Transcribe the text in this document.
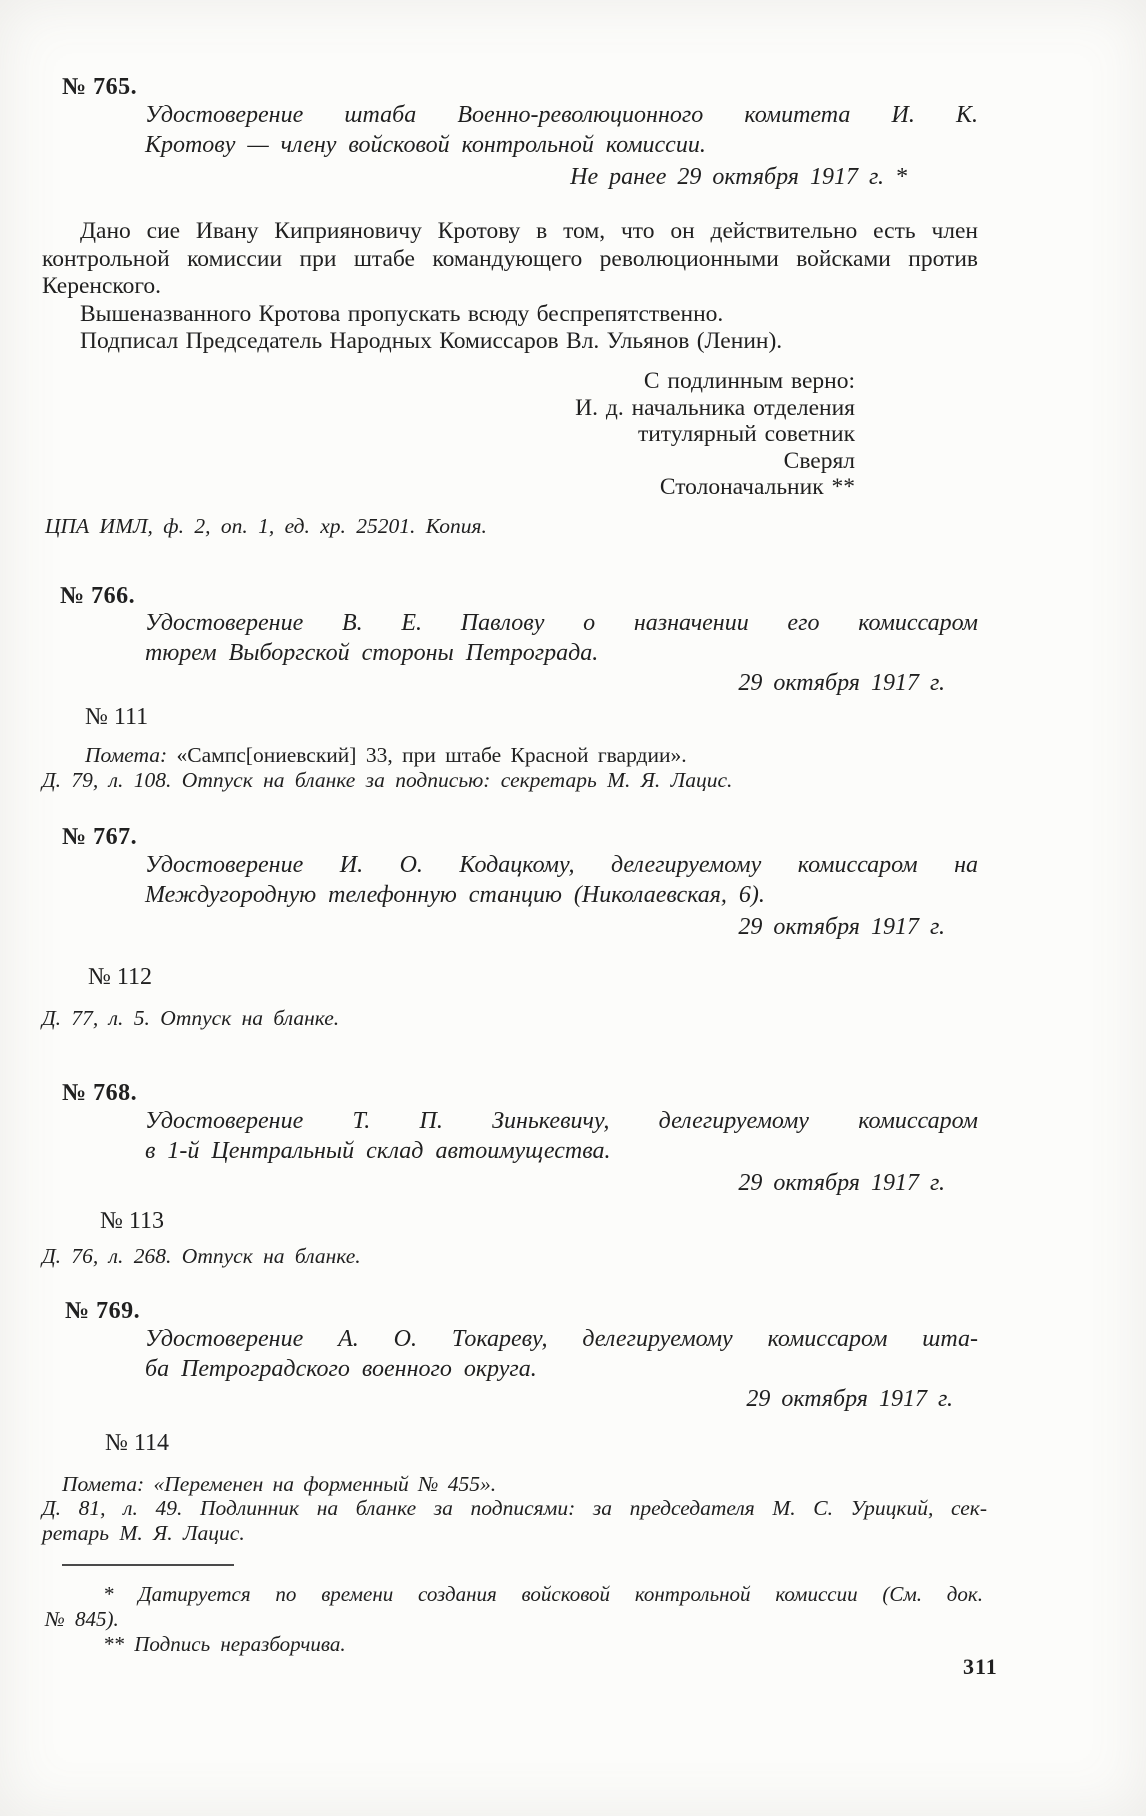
№ 765.
Удостоверение штаба Военно-революционного комитета И. К.
Кротову — члену войсковой контрольной комиссии.
Не ранее 29 октября 1917 г. *

Дано сие Ивану Киприяновичу Кротову в том, что он действительно есть член контрольной комиссии при штабе командующего революционными войсками против Керенского.

Вышеназванного Кротова пропускать всюду беспрепятственно.

Подписал Председатель Народных Комиссаров Вл. Ульянов (Ленин).

С подлинным верно:
И. д. начальника отделения
титулярный советник
Сверял
Столоначальник **
ЦПА ИМЛ, ф. 2, оп. 1, ед. хр. 25201. Копия.
№ 766.
Удостоверение В. Е. Павлову о назначении его комиссаром
тюрем Выборгской стороны Петрограда.
29 октября 1917 г.
№ 111
Помета: «Сампс[ониевский] 33, при штабе Красной гвардии».
Д. 79, л. 108. Отпуск на бланке за подписью: секретарь М. Я. Лацис.
№ 767.
Удостоверение И. О. Кодацкому, делегируемому комиссаром на
Междугородную телефонную станцию (Николаевская, 6).
29 октября 1917 г.
№ 112
Д. 77, л. 5. Отпуск на бланке.
№ 768.
Удостоверение Т. П. Зинькевичу, делегируемому комиссаром
в 1-й Центральный склад автоимущества.
29 октября 1917 г.
№ 113
Д. 76, л. 268. Отпуск на бланке.
№ 769.
Удостоверение А. О. Токареву, делегируемому комиссаром шта-
ба Петроградского военного округа.
29 октября 1917 г.
№ 114
Помета: «Переменен на форменный № 455».
Д. 81, л. 49. Подлинник на бланке за подписями: за председателя М. С. Урицкий, сек-
ретарь М. Я. Лацис.
* Датируется по времени создания войсковой контрольной комиссии (См. док.
№ 845).
** Подпись неразборчива.
311
